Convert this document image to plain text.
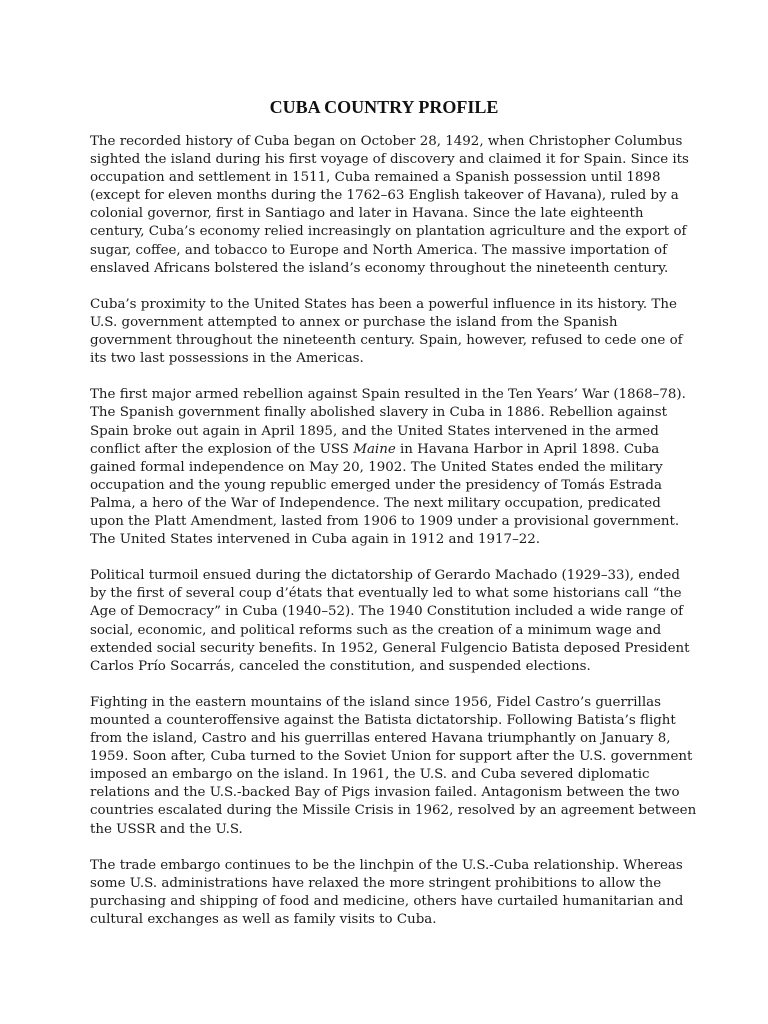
CUBA COUNTRY PROFILE

The recorded history of Cuba began on October 28, 1492, when Christopher Columbus
sighted the island during his first voyage of discovery and claimed it for Spain. Since its
occupation and settlement in 1511, Cuba remained a Spanish possession until 1898
(except for eleven months during the 1762–63 English takeover of Havana), ruled by a
colonial governor, first in Santiago and later in Havana. Since the late eighteenth
century, Cuba’s economy relied increasingly on plantation agriculture and the export of
sugar, coffee, and tobacco to Europe and North America. The massive importation of
enslaved Africans bolstered the island’s economy throughout the nineteenth century.

Cuba’s proximity to the United States has been a powerful influence in its history. The
U.S. government attempted to annex or purchase the island from the Spanish
government throughout the nineteenth century. Spain, however, refused to cede one of
its two last possessions in the Americas.

The first major armed rebellion against Spain resulted in the Ten Years’ War (1868–78).
The Spanish government finally abolished slavery in Cuba in 1886. Rebellion against
Spain broke out again in April 1895, and the United States intervened in the armed
conflict after the explosion of the USS Maine in Havana Harbor in April 1898. Cuba
gained formal independence on May 20, 1902. The United States ended the military
occupation and the young republic emerged under the presidency of Tomás Estrada
Palma, a hero of the War of Independence. The next military occupation, predicated
upon the Platt Amendment, lasted from 1906 to 1909 under a provisional government.
The United States intervened in Cuba again in 1912 and 1917–22.

Political turmoil ensued during the dictatorship of Gerardo Machado (1929–33), ended
by the first of several coup d’états that eventually led to what some historians call “the
Age of Democracy” in Cuba (1940–52). The 1940 Constitution included a wide range of
social, economic, and political reforms such as the creation of a minimum wage and
extended social security benefits. In 1952, General Fulgencio Batista deposed President
Carlos Prío Socarrás, canceled the constitution, and suspended elections.

Fighting in the eastern mountains of the island since 1956, Fidel Castro’s guerrillas
mounted a counteroffensive against the Batista dictatorship. Following Batista’s flight
from the island, Castro and his guerrillas entered Havana triumphantly on January 8,
1959. Soon after, Cuba turned to the Soviet Union for support after the U.S. government
imposed an embargo on the island. In 1961, the U.S. and Cuba severed diplomatic
relations and the U.S.-backed Bay of Pigs invasion failed. Antagonism between the two
countries escalated during the Missile Crisis in 1962, resolved by an agreement between
the USSR and the U.S.

The trade embargo continues to be the linchpin of the U.S.-Cuba relationship. Whereas
some U.S. administrations have relaxed the more stringent prohibitions to allow the
purchasing and shipping of food and medicine, others have curtailed humanitarian and
cultural exchanges as well as family visits to Cuba.
